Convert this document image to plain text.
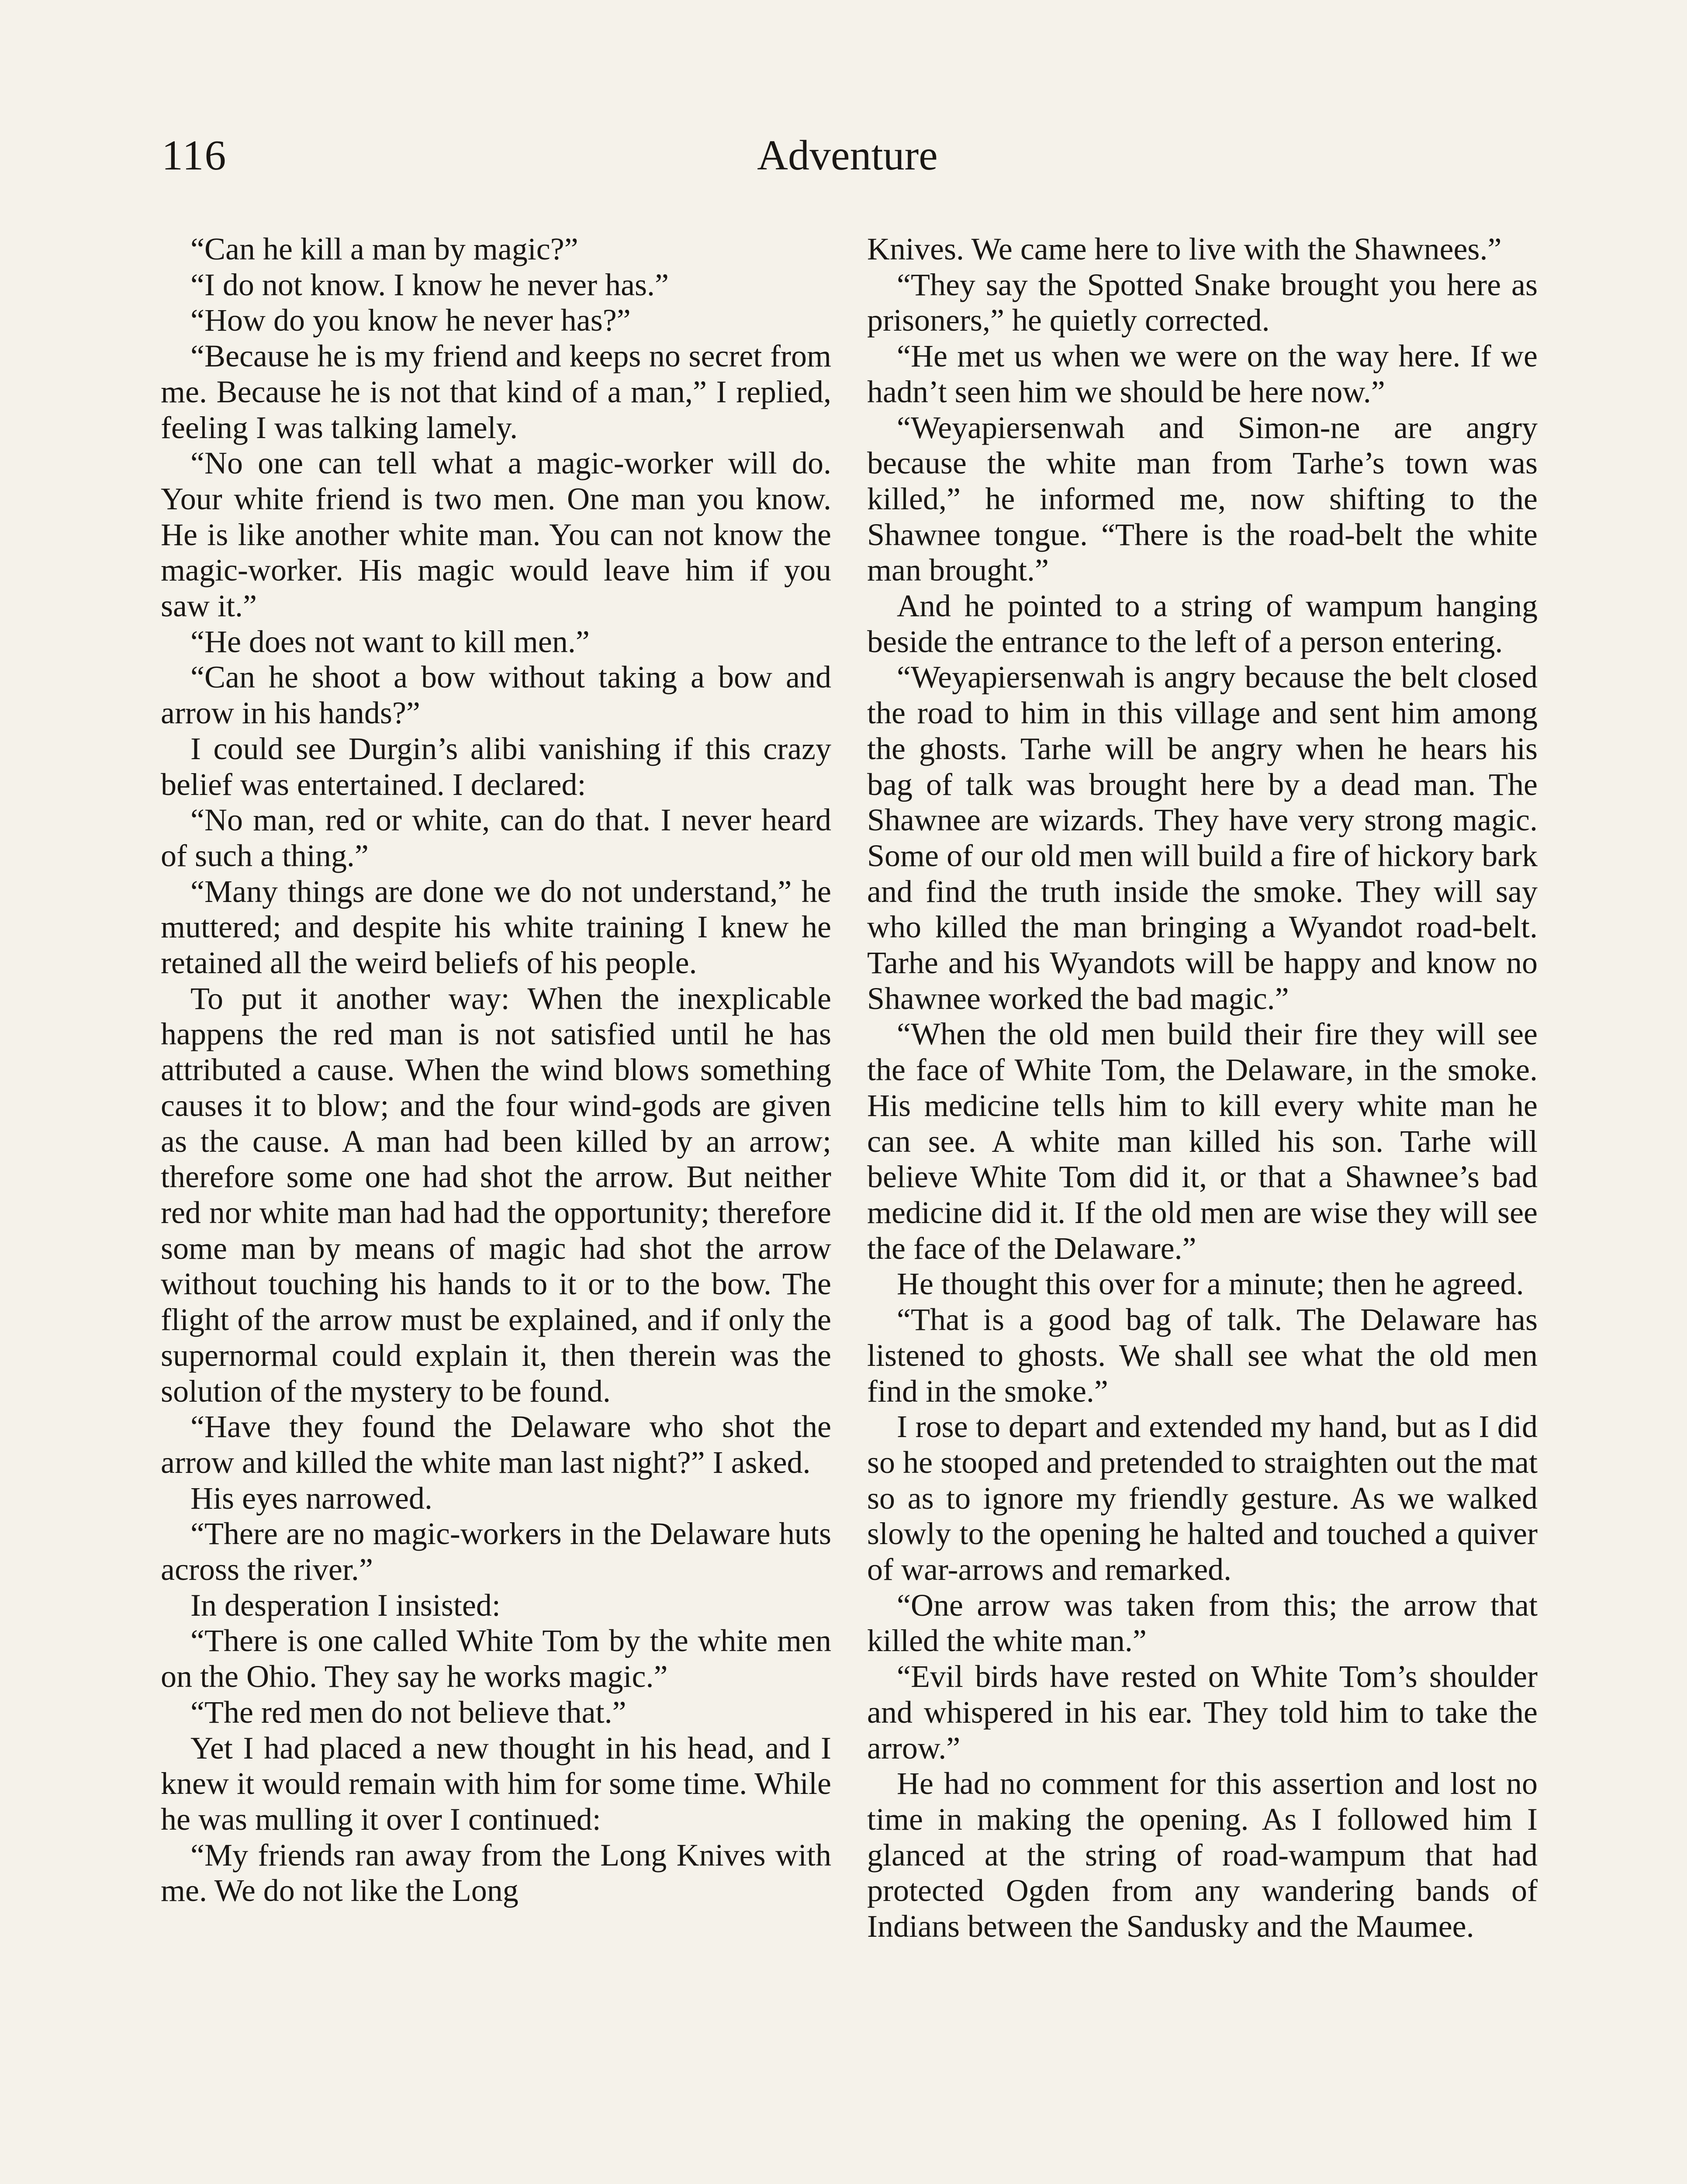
116	Adventure

“Can he kill a man by magic?”

“I do not know. I know he never has.”

“How do you know he never has?”

“Because he is my friend and keeps no secret from me. Because he is not that kind of a man,” I replied, feeling I was talking lamely.

“No one can tell what a magic-worker will do. Your white friend is two men. One man you know. He is like another white man. You can not know the magic-worker. His magic would leave him if you saw it.”

“He does not want to kill men.”

“Can he shoot a bow without taking a bow and arrow in his hands?”

I could see Durgin’s alibi vanishing if this crazy belief was entertained. I declared:

“No man, red or white, can do that. I never heard of such a thing.”

“Many things are done we do not understand,” he muttered; and despite his white training I knew he retained all the weird beliefs of his people.

To put it another way: When the inexplicable happens the red man is not satisfied until he has attributed a cause. When the wind blows something causes it to blow; and the four wind-gods are given as the cause. A man had been killed by an arrow; therefore some one had shot the arrow. But neither red nor white man had had the opportunity; therefore some man by means of magic had shot the arrow without touching his hands to it or to the bow. The flight of the arrow must be explained, and if only the supernormal could explain it, then therein was the solution of the mystery to be found.

“Have they found the Delaware who shot the arrow and killed the white man last night?” I asked.

His eyes narrowed.

“There are no magic-workers in the Delaware huts across the river.”

In desperation I insisted:

“There is one called White Tom by the white men on the Ohio. They say he works magic.”

“The red men do not believe that.”

Yet I had placed a new thought in his head, and I knew it would remain with him for some time. While he was mulling it over I continued:

“My friends ran away from the Long Knives with me. We do not like the Long

Knives. We came here to live with the Shawnees.”

“They say the Spotted Snake brought you here as prisoners,” he quietly corrected.

“He met us when we were on the way here. If we hadn’t seen him we should be here now.”

“Weyapiersenwah and Simon-ne are angry because the white man from Tarhe’s town was killed,” he informed me, now shifting to the Shawnee tongue. “There is the road-belt the white man brought.”

And he pointed to a string of wampum hanging beside the entrance to the left of a person entering.

“Weyapiersenwah is angry because the belt closed the road to him in this village and sent him among the ghosts. Tarhe will be angry when he hears his bag of talk was brought here by a dead man. The Shawnee are wizards. They have very strong magic. Some of our old men will build a fire of hickory bark and find the truth inside the smoke. They will say who killed the man bringing a Wyandot road-belt. Tarhe and his Wyandots will be happy and know no Shawnee worked the bad magic.”

“When the old men build their fire they will see the face of White Tom, the Delaware, in the smoke. His medicine tells him to kill every white man he can see. A white man killed his son. Tarhe will believe White Tom did it, or that a Shawnee’s bad medicine did it. If the old men are wise they will see the face of the Delaware.”

He thought this over for a minute; then he agreed.

“That is a good bag of talk. The Delaware has listened to ghosts. We shall see what the old men find in the smoke.”

I rose to depart and extended my hand, but as I did so he stooped and pretended to straighten out the mat so as to ignore my friendly gesture. As we walked slowly to the opening he halted and touched a quiver of war-arrows and remarked.

“One arrow was taken from this; the arrow that killed the white man.”

“Evil birds have rested on White Tom’s shoulder and whispered in his ear. They told him to take the arrow.”

He had no comment for this assertion and lost no time in making the opening. As I followed him I glanced at the string of road-wampum that had protected Ogden from any wandering bands of Indians between the Sandusky and the Maumee.
